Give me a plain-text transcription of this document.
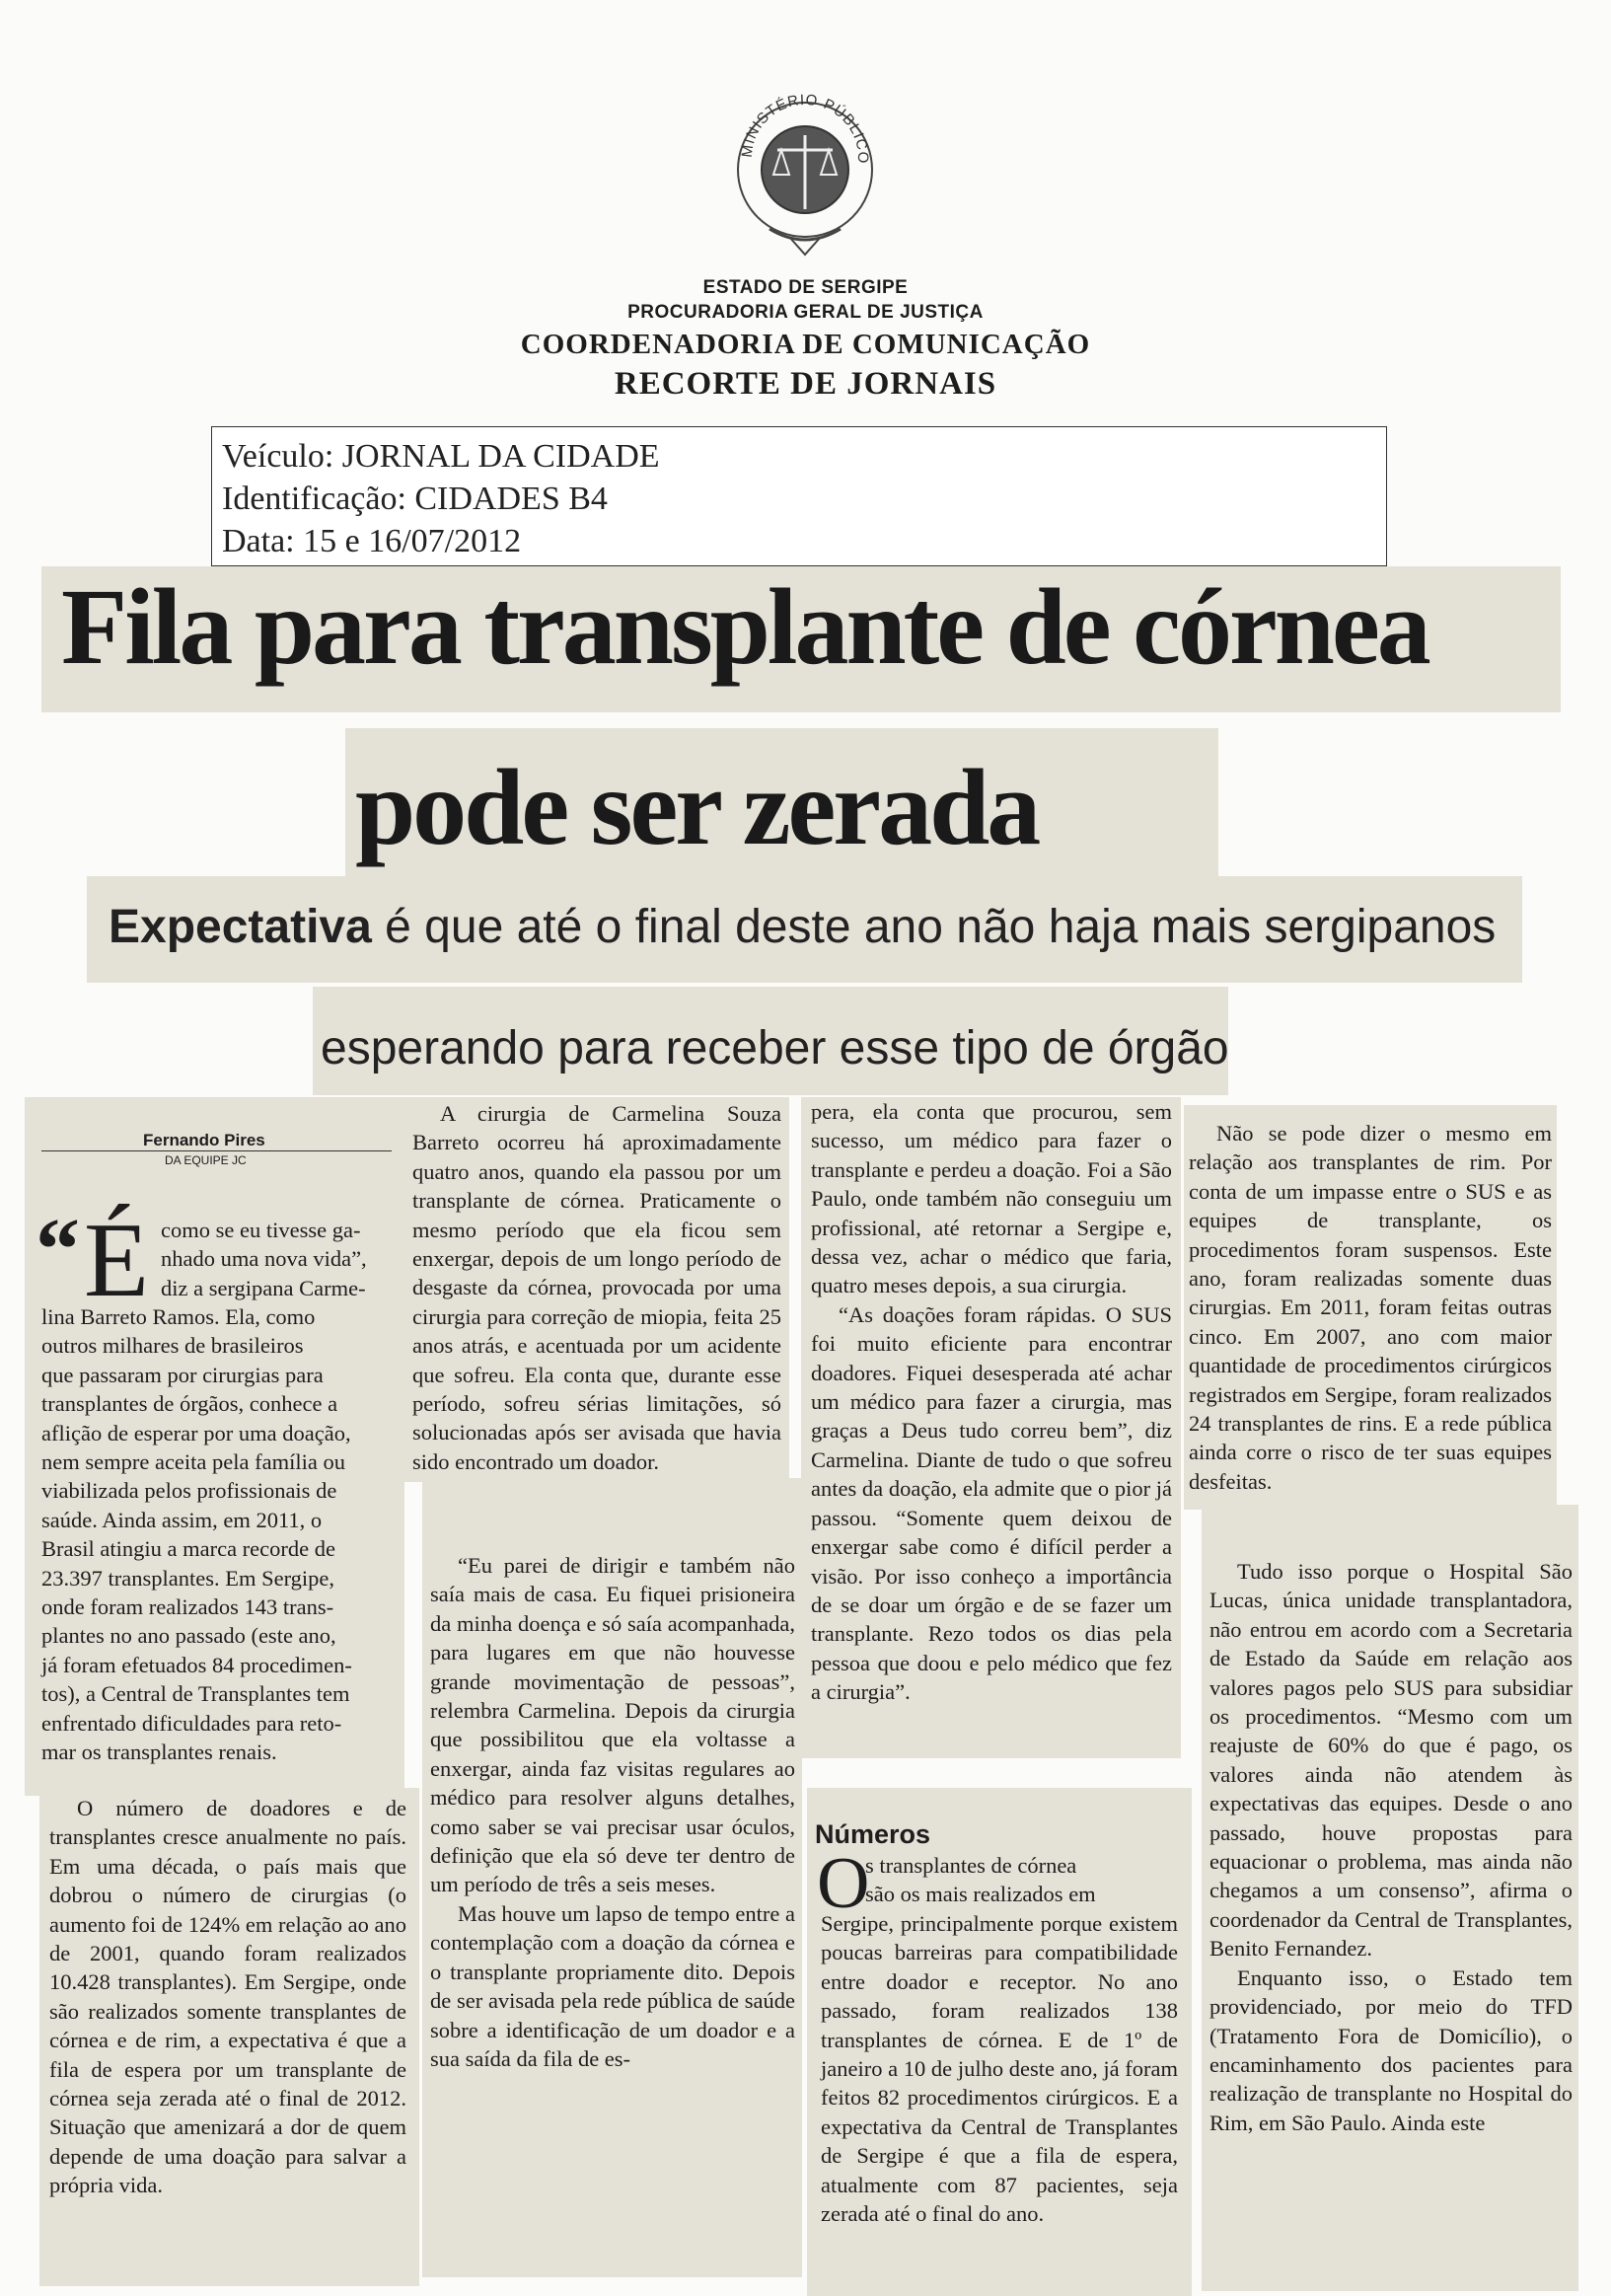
MINISTÉRIO PÚBLICO
ESTADO DE SERGIPE
PROCURADORIA GERAL DE JUSTIÇA
COORDENADORIA DE COMUNICAÇÃO
RECORTE DE JORNAIS
Veículo: JORNAL DA CIDADE
Identificação: CIDADES B4
Data: 15 e 16/07/2012
Fila para transplante de córnea
pode ser zerada
Expectativa é que até o final deste ano não haja mais sergipanos
esperando para receber esse tipo de órgão
Fernando Pires
DA EQUIPE JC
“ É como se eu tivesse ga-
nhado uma nova vida”,
diz a sergipana Carme-
lina Barreto Ramos. Ela, como
outros milhares de brasileiros
que passaram por cirurgias para
transplantes de órgãos, conhece a
aflição de esperar por uma doação,
nem sempre aceita pela família ou
viabilizada pelos profissionais de
saúde. Ainda assim, em 2011, o
Brasil atingiu a marca recorde de
23.397 transplantes. Em Sergipe,
onde foram realizados 143 trans-
plantes no ano passado (este ano,
já foram efetuados 84 procedimen-
tos), a Central de Transplantes tem
enfrentado dificuldades para reto-
mar os transplantes renais.

O número de doadores e de transplantes cresce anualmente no país. Em uma década, o país mais que dobrou o número de cirurgias (o aumento foi de 124% em relação ao ano de 2001, quando foram realizados 10.428 transplantes). Em Sergipe, onde são realizados somente transplantes de córnea e de rim, a expectativa é que a fila de espera por um transplante de córnea seja zerada até o final de 2012. Situação que amenizará a dor de quem depende de uma doação para salvar a própria vida.

A cirurgia de Carmelina Souza Barreto ocorreu há aproximadamente quatro anos, quando ela passou por um transplante de córnea. Praticamente o mesmo período que ela ficou sem enxergar, depois de um longo período de desgaste da córnea, provocada por uma cirurgia para correção de miopia, feita 25 anos atrás, e acentuada por um acidente que sofreu. Ela conta que, durante esse período, sofreu sérias limitações, só solucionadas após ser avisada que havia sido encontrado um doador.

“Eu parei de dirigir e também não saía mais de casa. Eu fiquei prisioneira da minha doença e só saía acompanhada, para lugares em que não houvesse grande movimentação de pessoas”, relembra Carmelina. Depois da cirurgia que possibilitou que ela voltasse a enxergar, ainda faz visitas regulares ao médico para resolver alguns detalhes, como saber se vai precisar usar óculos, definição que ela só deve ter dentro de um período de três a seis meses.

Mas houve um lapso de tempo entre a contemplação com a doação da córnea e o transplante propriamente dito. Depois de ser avisada pela rede pública de saúde sobre a identificação de um doador e a sua saída da fila de es-

pera, ela conta que procurou, sem sucesso, um médico para fazer o transplante e perdeu a doação. Foi a São Paulo, onde também não conseguiu um profissional, até retornar a Sergipe e, dessa vez, achar o médico que faria, quatro meses depois, a sua cirurgia.

“As doações foram rápidas. O SUS foi muito eficiente para encontrar doadores. Fiquei desesperada até achar um médico para fazer a cirurgia, mas graças a Deus tudo correu bem”, diz Carmelina. Diante de tudo o que sofreu antes da doação, ela admite que o pior já passou. “Somente quem deixou de enxergar sabe como é difícil perder a visão. Por isso conheço a importância de se doar um órgão e de se fazer um transplante. Rezo todos os dias pela pessoa que doou e pelo médico que fez a cirurgia”.

Números
O
s transplantes de córnea
são os mais realizados em

Sergipe, principalmente porque existem poucas barreiras para compatibilidade entre doador e receptor. No ano passado, foram realizados 138 transplantes de córnea. E de 1º de janeiro a 10 de julho deste ano, já foram feitos 82 procedimentos cirúrgicos. E a expectativa da Central de Transplantes de Sergipe é que a fila de espera, atualmente com 87 pacientes, seja zerada até o final do ano.

Não se pode dizer o mesmo em relação aos transplantes de rim. Por conta de um impasse entre o SUS e as equipes de transplante, os procedimentos foram suspensos. Este ano, foram realizadas somente duas cirurgias. Em 2011, foram feitas outras cinco. Em 2007, ano com maior quantidade de procedimentos cirúrgicos registrados em Sergipe, foram realizados 24 transplantes de rins. E a rede pública ainda corre o risco de ter suas equipes desfeitas.

Tudo isso porque o Hospital São Lucas, única unidade transplantadora, não entrou em acordo com a Secretaria de Estado da Saúde em relação aos valores pagos pelo SUS para subsidiar os procedimentos. “Mesmo com um reajuste de 60% do que é pago, os valores ainda não atendem às expectativas das equipes. Desde o ano passado, houve propostas para equacionar o problema, mas ainda não chegamos a um consenso”, afirma o coordenador da Central de Transplantes, Benito Fernandez.

Enquanto isso, o Estado tem providenciado, por meio do TFD (Tratamento Fora de Domicílio), o encaminhamento dos pacientes para realização de transplante no Hospital do Rim, em São Paulo. Ainda este
